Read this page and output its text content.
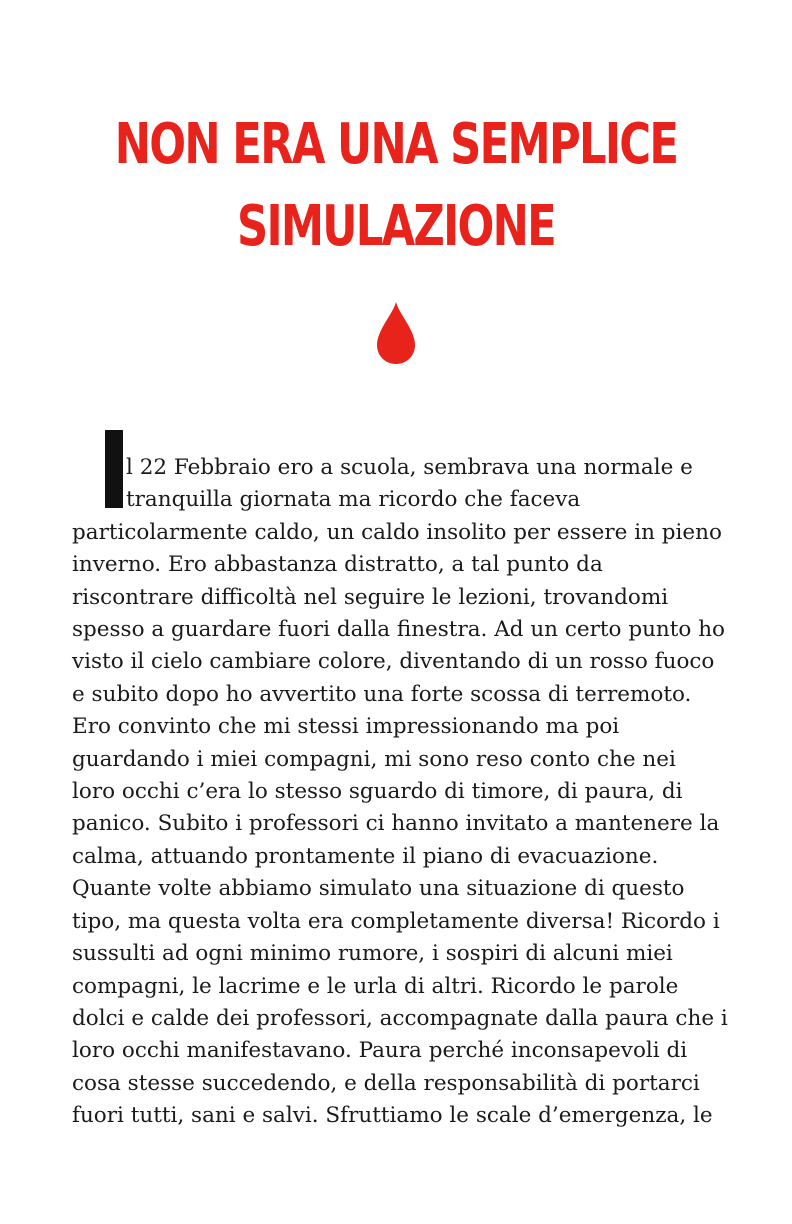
NON ERA UNA SEMPLICE
SIMULAZIONE
l 22 Febbraio ero a scuola, sembrava una normale e
tranquilla giornata ma ricordo che faceva
particolarmente caldo, un caldo insolito per essere in pieno
inverno. Ero abbastanza distratto, a tal punto da
riscontrare difficoltà nel seguire le lezioni, trovandomi
spesso a guardare fuori dalla finestra. Ad un certo punto ho
visto il cielo cambiare colore, diventando di un rosso fuoco
e subito dopo ho avvertito una forte scossa di terremoto.
Ero convinto che mi stessi impressionando ma poi
guardando i miei compagni, mi sono reso conto che nei
loro occhi c’era lo stesso sguardo di timore, di paura, di
panico. Subito i professori ci hanno invitato a mantenere la
calma, attuando prontamente il piano di evacuazione.
Quante volte abbiamo simulato una situazione di questo
tipo, ma questa volta era completamente diversa! Ricordo i
sussulti ad ogni minimo rumore, i sospiri di alcuni miei
compagni, le lacrime e le urla di altri. Ricordo le parole
dolci e calde dei professori, accompagnate dalla paura che i
loro occhi manifestavano. Paura perché inconsapevoli di
cosa stesse succedendo, e della responsabilità di portarci
fuori tutti, sani e salvi. Sfruttiamo le scale d’emergenza, le
